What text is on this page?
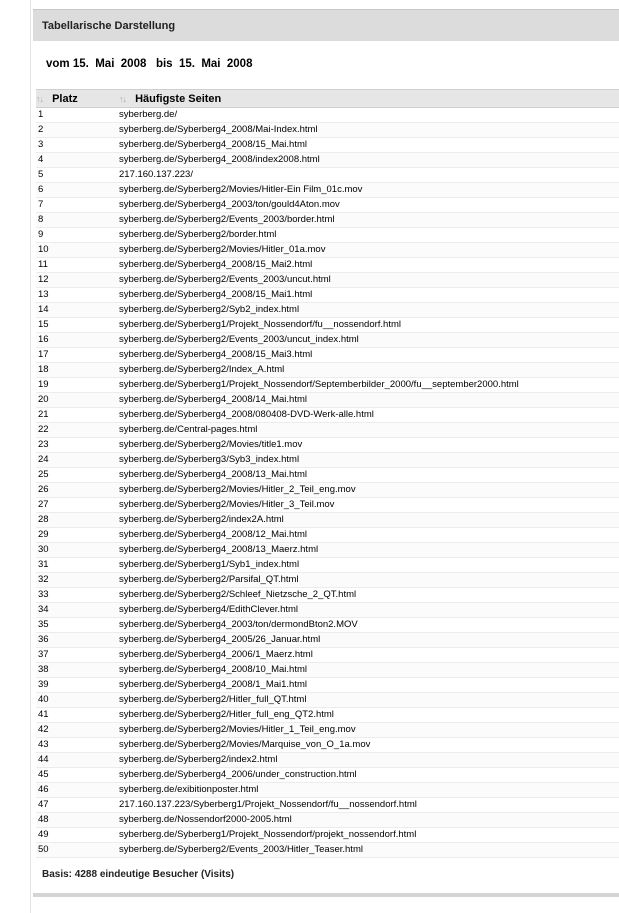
Tabellarische Darstellung
vom 15.  Mai  2008   bis  15.  Mai  2008
↑↓ Platz	↑↓ Häufigste Seiten
1	syberberg.de/
2	syberberg.de/Syberberg4_2008/Mai-Index.html
3	syberberg.de/Syberberg4_2008/15_Mai.html
4	syberberg.de/Syberberg4_2008/index2008.html
5	217.160.137.223/
6	syberberg.de/Syberberg2/Movies/Hitler-Ein Film_01c.mov
7	syberberg.de/Syberberg4_2003/ton/gould4Aton.mov
8	syberberg.de/Syberberg2/Events_2003/border.html
9	syberberg.de/Syberberg2/border.html
10	syberberg.de/Syberberg2/Movies/Hitler_01a.mov
11	syberberg.de/Syberberg4_2008/15_Mai2.html
12	syberberg.de/Syberberg2/Events_2003/uncut.html
13	syberberg.de/Syberberg4_2008/15_Mai1.html
14	syberberg.de/Syberberg2/Syb2_index.html
15	syberberg.de/Syberberg1/Projekt_Nossendorf/fu__nossendorf.html
16	syberberg.de/Syberberg2/Events_2003/uncut_index.html
17	syberberg.de/Syberberg4_2008/15_Mai3.html
18	syberberg.de/Syberberg2/Index_A.html
19	syberberg.de/Syberberg1/Projekt_Nossendorf/Septemberbilder_2000/fu__september2000.html
20	syberberg.de/Syberberg4_2008/14_Mai.html
21	syberberg.de/Syberberg4_2008/080408-DVD-Werk-alle.html
22	syberberg.de/Central-pages.html
23	syberberg.de/Syberberg2/Movies/title1.mov
24	syberberg.de/Syberberg3/Syb3_index.html
25	syberberg.de/Syberberg4_2008/13_Mai.html
26	syberberg.de/Syberberg2/Movies/Hitler_2_Teil_eng.mov
27	syberberg.de/Syberberg2/Movies/Hitler_3_Teil.mov
28	syberberg.de/Syberberg2/index2A.html
29	syberberg.de/Syberberg4_2008/12_Mai.html
30	syberberg.de/Syberberg4_2008/13_Maerz.html
31	syberberg.de/Syberberg1/Syb1_index.html
32	syberberg.de/Syberberg2/Parsifal_QT.html
33	syberberg.de/Syberberg2/Schleef_Nietzsche_2_QT.html
34	syberberg.de/Syberberg4/EdithClever.html
35	syberberg.de/Syberberg4_2003/ton/dermondBton2.MOV
36	syberberg.de/Syberberg4_2005/26_Januar.html
37	syberberg.de/Syberberg4_2006/1_Maerz.html
38	syberberg.de/Syberberg4_2008/10_Mai.html
39	syberberg.de/Syberberg4_2008/1_Mai1.html
40	syberberg.de/Syberberg2/Hitler_full_QT.html
41	syberberg.de/Syberberg2/Hitler_full_eng_QT2.html
42	syberberg.de/Syberberg2/Movies/Hitler_1_Teil_eng.mov
43	syberberg.de/Syberberg2/Movies/Marquise_von_O_1a.mov
44	syberberg.de/Syberberg2/index2.html
45	syberberg.de/Syberberg4_2006/under_construction.html
46	syberberg.de/exibitionposter.html
47	217.160.137.223/Syberberg1/Projekt_Nossendorf/fu__nossendorf.html
48	syberberg.de/Nossendorf2000-2005.html
49	syberberg.de/Syberberg1/Projekt_Nossendorf/projekt_nossendorf.html
50	syberberg.de/Syberberg2/Events_2003/Hitler_Teaser.html
Basis: 4288 eindeutige Besucher (Visits)
